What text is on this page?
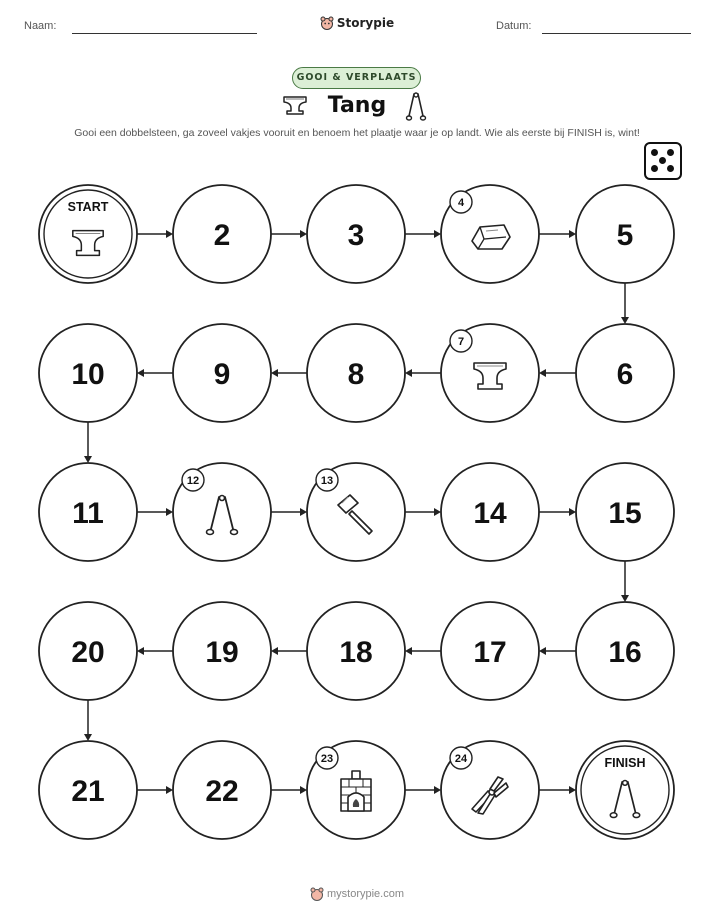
Naam:	Storypie	Datum:
GOOI & VERPLAATS
Tang
Gooi een dobbelsteen, ga zoveel vakjes vooruit en benoem het plaatje waar je op landt. Wie als eerste bij FINISH is, wint!
START
2	3
4
5
6
7
8
9
10
11
12	13
14	15
16
17
18
19
20
21	22
23	24	FINISH
mystorypie.com
